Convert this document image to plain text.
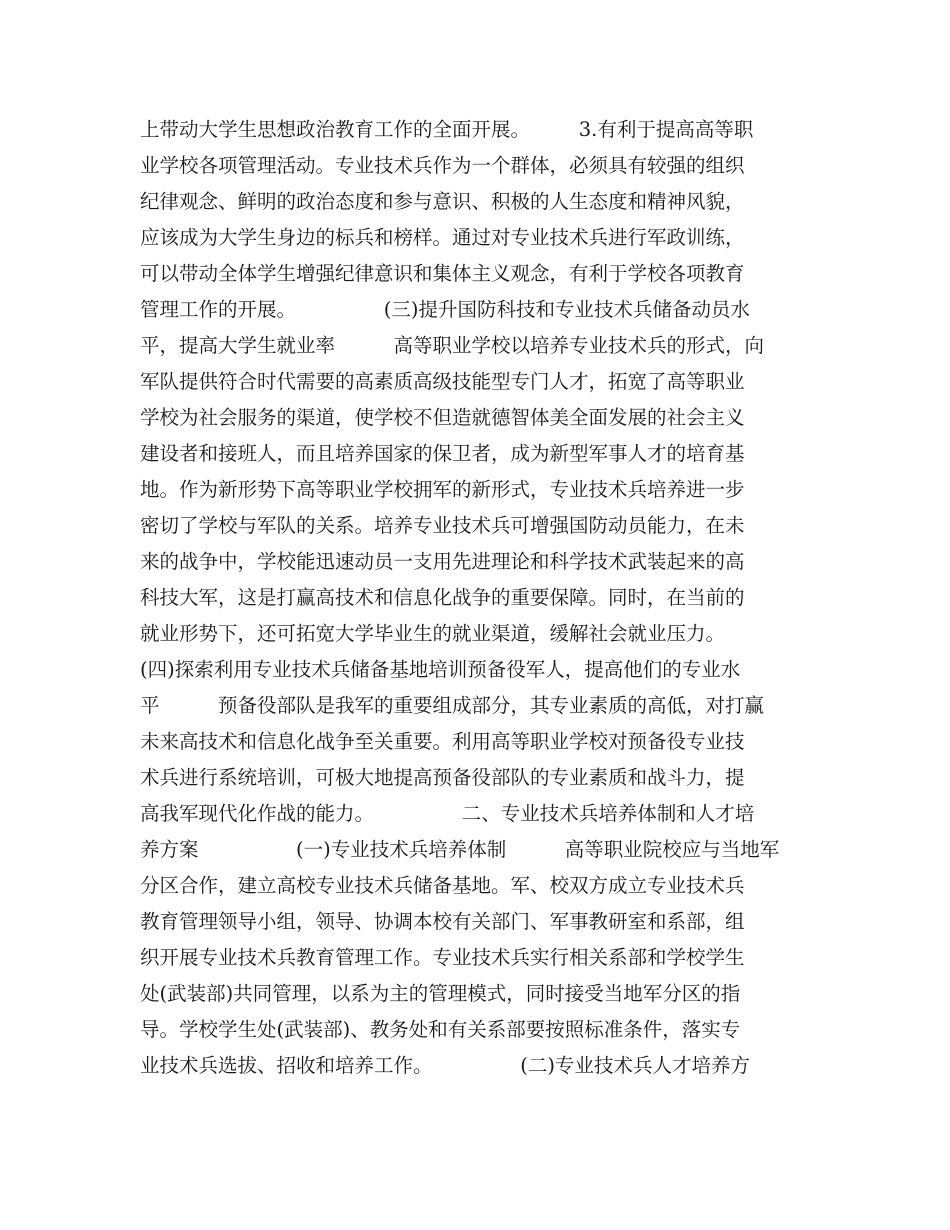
上带动大学生思想政治教育工作的全面开展。　　　3.有利于提高高等职
业学校各项管理活动。专业技术兵作为一个群体，必须具有较强的组织
纪律观念、鲜明的政治态度和参与意识、积极的人生态度和精神风貌，
应该成为大学生身边的标兵和榜样。通过对专业技术兵进行军政训练，
可以带动全体学生增强纪律意识和集体主义观念，有利于学校各项教育
管理工作的开展。　　　　　(三)提升国防科技和专业技术兵储备动员水
平，提高大学生就业率　　　高等职业学校以培养专业技术兵的形式，向
军队提供符合时代需要的高素质高级技能型专门人才，拓宽了高等职业
学校为社会服务的渠道，使学校不但造就德智体美全面发展的社会主义
建设者和接班人，而且培养国家的保卫者，成为新型军事人才的培育基
地。作为新形势下高等职业学校拥军的新形式，专业技术兵培养进一步
密切了学校与军队的关系。培养专业技术兵可增强国防动员能力，在未
来的战争中，学校能迅速动员一支用先进理论和科学技术武装起来的高
科技大军，这是打赢高技术和信息化战争的重要保障。同时，在当前的
就业形势下，还可拓宽大学毕业生的就业渠道，缓解社会就业压力。
(四)探索利用专业技术兵储备基地培训预备役军人，提高他们的专业水
平　　　预备役部队是我军的重要组成部分，其专业素质的高低，对打赢
未来高技术和信息化战争至关重要。利用高等职业学校对预备役专业技
术兵进行系统培训，可极大地提高预备役部队的专业素质和战斗力，提
高我军现代化作战的能力。　　　　　二、专业技术兵培养体制和人才培
养方案　　　　　(一)专业技术兵培养体制　　　高等职业院校应与当地军
分区合作，建立高校专业技术兵储备基地。军、校双方成立专业技术兵
教育管理领导小组，领导、协调本校有关部门、军事教研室和系部，组
织开展专业技术兵教育管理工作。专业技术兵实行相关系部和学校学生
处(武装部)共同管理，以系为主的管理模式，同时接受当地军分区的指
导。学校学生处(武装部)、教务处和有关系部要按照标准条件，落实专
业技术兵选拔、招收和培养工作。　　　　　(二)专业技术兵人才培养方
